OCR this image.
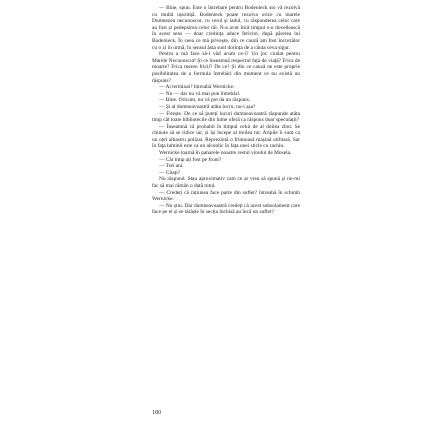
— Bine, spun. Este o întrebare pentru Bodenleck sto vă rezolvă cu multă ușurință. Bodenleck poate rezolva orice cu marele Dumnezeu necunoscut, cu cerul și iadul, cu răspunderea celor care au fost și pedepsirea celor răi. N-a avut încă timpul s-o dovedească în acest sens — doar credința aduce fericire, după părerea lui Bodenleck. În ceea ce mă privește, din ce cauză am fost încrezător cu o zi în urmă, în sensul ăsta sunt dorința de a căuta ceva sigur.

Pentru a mă face să-l văd acum ce-i? Un joc ciudat pentru Marele Necunoscut! Și ce înseamnă respectul față de viață? Frica de moarte? Frica mereu fricii? De ce? Și din ce cauză ne este proprie posibilitatea de a formula întrebări din moment ce nu există un răspuns?

— Ai terminat? întreabă Wernicke.

— Nu — dar nu vă mai pun întrebări.

— Bine. Oricum, nu vă pot da un răspuns.

— Și al dumneavoastră atâta lucru, nu-i așa?

— Firește. De ce să puteți locuri dumneavoastră răspunde atâta timp cât toate bibliotecile din lume oferă ca răspuns doar speculații?

— Înseamnă că probabil în timpul celui de al doilea zbor. Se chinuie să se ridice iar, și își începe al treilea tur. Aripile îi sunt ca un oțel albastru polizat. Reprezintă o frumoasă mașină utilitară. Sar în fața luminii este ca un alcoolic în fața unei sticle cu rachiu.

Wernicke toarnă în paharele noastre restul vinului de Mosela.

— Cât timp ați fost pe front?

— Trei ani.

— Citați?

Nu răspund. Stau aproximativ cam ce ar vrea să spună și nu-mi fac să mai rămân o dată totul.

— Credeți că rațiunea face parte din suflet? întreabă în schimb Wernicke.

— Nu știu. Dar dumneavoastră credeți că acest subsolament care face pe el și se târăște în secția închisă au încă un suflet?

180
